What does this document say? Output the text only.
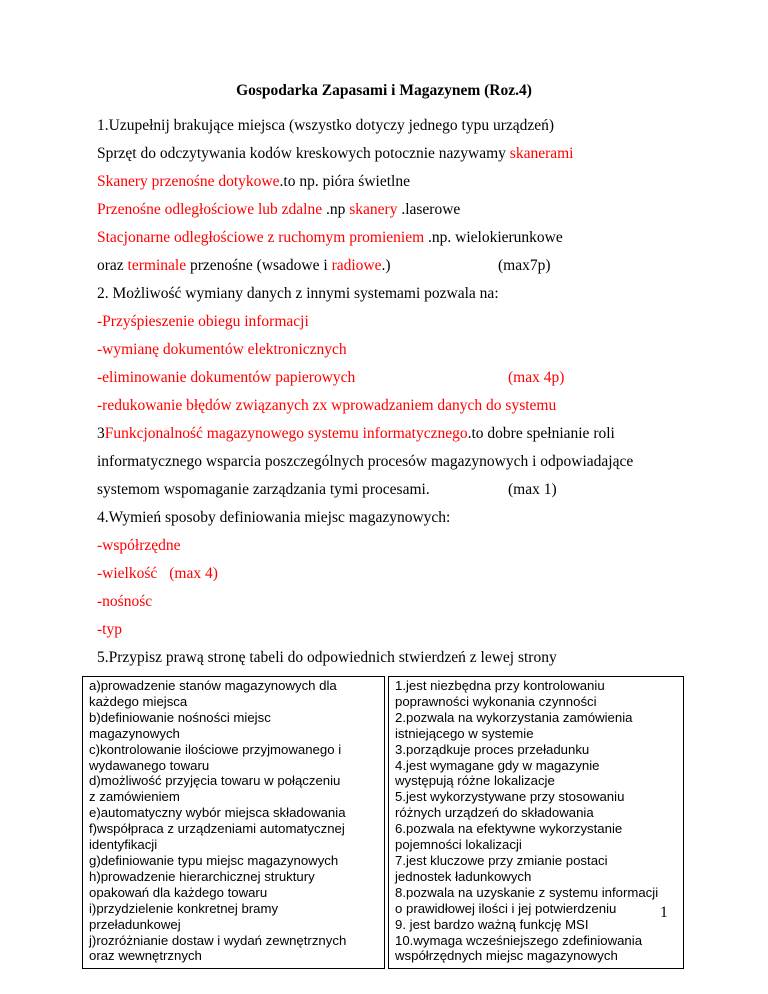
Gospodarka Zapasami i Magazynem (Roz.4)
1.Uzupełnij brakujące miejsca (wszystko dotyczy jednego typu urządzeń)
Sprzęt do odczytywania kodów kreskowych potocznie nazywamy skanerami
Skanery przenośne dotykowe.to np. pióra świetlne
Przenośne odległościowe lub zdalne .np skanery .laserowe
Stacjonarne odległościowe z ruchomym promieniem .np. wielokierunkowe
oraz terminale przenośne (wsadowe i radiowe.)	(max7p)
2. Możliwość wymiany danych z innymi systemami pozwala na:
-Przyśpieszenie obiegu informacji
-wymianę dokumentów elektronicznych
-eliminowanie dokumentów papierowych	(max 4p)
-redukowanie błędów związanych zx wprowadzaniem danych do systemu
3Funkcjonalność magazynowego systemu informatycznego.to dobre spełnianie roli
informatycznego wsparcia poszczególnych procesów magazynowych i odpowiadające
systemom wspomaganie zarządzania tymi procesami.	(max 1)
4.Wymień sposoby definiowania miejsc magazynowych:
-współrzędne
-wielkość (max 4)
-nośnośc
-typ
5.Przypisz prawą stronę tabeli do odpowiednich stwierdzeń z lewej strony
a)prowadzenie stanów magazynowych dla
każdego miejsca
b)definiowanie nośności miejsc
magazynowych
c)kontrolowanie ilościowe przyjmowanego i
wydawanego towaru
d)możliwość przyjęcia towaru w połączeniu
z zamówieniem
e)automatyczny wybór miejsca składowania
f)współpraca z urządzeniami automatycznej
identyfikacji
g)definiowanie typu miejsc magazynowych
h)prowadzenie hierarchicznej struktury
opakowań dla każdego towaru
i)przydzielenie konkretnej bramy
przeładunkowej
j)rozróżnianie dostaw i wydań zewnętrznych
oraz wewnętrznych

1.jest niezbędna przy kontrolowaniu
poprawności wykonania czynności
2.pozwala na wykorzystania zamówienia
istniejącego w systemie
3.porządkuje proces przeładunku
4.jest wymagane gdy w magazynie
występują różne lokalizacje
5.jest wykorzystywane przy stosowaniu
różnych urządzeń do składowania
6.pozwala na efektywne wykorzystanie
pojemności lokalizacji
7.jest kluczowe przy zmianie postaci
jednostek ładunkowych
8.pozwala na uzyskanie z systemu informacji
o prawidłowej ilości i jej potwierdzeniu
9. jest bardzo ważną funkcję MSI
10.wymaga wcześniejszego zdefiniowania
współrzędnych miejsc magazynowych
1
